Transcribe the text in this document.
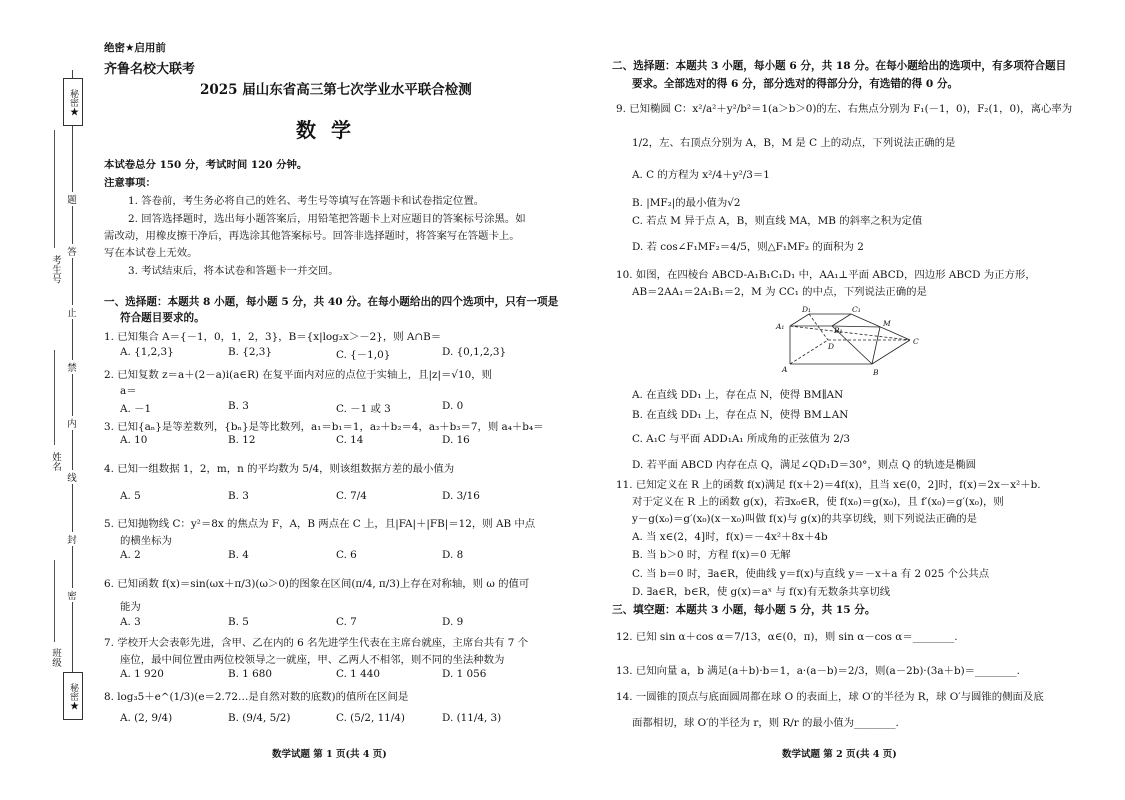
秘密★
秘密★
题
答
止
禁
内
线
封
密
考生号
姓名
班级
绝密★启用前
齐鲁名校大联考
2025 届山东省高三第七次学业水平联合检测
数 学
本试卷总分 150 分，考试时间 120 分钟。
注意事项：
1. 答卷前，考生务必将自己的姓名、考生号等填写在答题卡和试卷指定位置。
2. 回答选择题时，选出每小题答案后，用铅笔把答题卡上对应题目的答案标号涂黑。如
需改动，用橡皮擦干净后，再选涂其他答案标号。回答非选择题时，将答案写在答题卡上。
写在本试卷上无效。
3. 考试结束后，将本试卷和答题卡一并交回。
一、选择题：本题共 8 小题，每小题 5 分，共 40 分。在每小题给出的四个选项中，只有一项是
符合题目要求的。
1. 已知集合 A＝{－1，0，1，2，3}，B＝{x|log₂x＞－2}，则 A∩B＝
A. {1,2,3}	B. {2,3}	C. {－1,0}	D. {0,1,2,3}
2. 已知复数 z＝a＋(2－a)i(a∈R) 在复平面内对应的点位于实轴上，且|z|＝√10，则
a＝
A. －1	B. 3	C. －1 或 3	D. 0
3. 已知{aₙ}是等差数列，{bₙ}是等比数列，a₁＝b₁＝1，a₂＋b₂＝4，a₃＋b₃＝7，则 a₄＋b₄＝
A. 10	B. 12	C. 14	D. 16
4. 已知一组数据 1，2，m，n 的平均数为 5/4，则该组数据方差的最小值为
A. 5	B. 3	C. 7/4	D. 3/16
5. 已知抛物线 C：y²＝8x 的焦点为 F，A，B 两点在 C 上，且|FA|＋|FB|＝12，则 AB 中点
的横坐标为
A. 2	B. 4	C. 6	D. 8
6. 已知函数 f(x)＝sin(ωx＋π/3)(ω＞0)的图象在区间(π/4, π/3)上存在对称轴，则 ω 的值可
能为
A. 3	B. 5	C. 7	D. 9
7. 学校开大会表彰先进，含甲、乙在内的 6 名先进学生代表在主席台就座，主席台共有 7 个
座位，最中间位置由两位校领导之一就座，甲、乙两人不相邻，则不同的坐法种数为
A. 1 920	B. 1 680	C. 1 440	D. 1 056
8. log₃5＋e^(1/3)(e＝2.72…是自然对数的底数)的值所在区间是
A. (2, 9/4)	B. (9/4, 5/2)	C. (5/2, 11/4)	D. (11/4, 3)
数学试题 第 1 页(共 4 页)
二、选择题：本题共 3 小题，每小题 6 分，共 18 分。在每小题给出的选项中，有多项符合题目
要求。全部选对的得 6 分，部分选对的得部分分，有选错的得 0 分。
9. 已知椭圆 C：x²/a²＋y²/b²＝1(a＞b＞0)的左、右焦点分别为 F₁(－1，0)，F₂(1，0)，离心率为
1/2，左、右顶点分别为 A，B，M 是 C 上的动点，下列说法正确的是
A. C 的方程为 x²/4＋y²/3＝1
B. |MF₂|的最小值为√2
C. 若点 M 异于点 A，B，则直线 MA，MB 的斜率之积为定值
D. 若 cos∠F₁MF₂＝4/5，则△F₁MF₂ 的面积为 2
10. 如图，在四棱台 ABCD-A₁B₁C₁D₁ 中，AA₁⊥平面 ABCD，四边形 ABCD 为正方形，
AB＝2AA₁＝2A₁B₁＝2，M 为 CC₁ 的中点，下列说法正确的是
D₁	C₁
A₁	B₁
M
D
C
A	B
A. 在直线 DD₁ 上，存在点 N，使得 BM∥AN
B. 在直线 DD₁ 上，存在点 N，使得 BM⊥AN
C. A₁C 与平面 ADD₁A₁ 所成角的正弦值为 2/3
D. 若平面 ABCD 内存在点 Q，满足∠QD₁D＝30°，则点 Q 的轨迹是椭圆
11. 已知定义在 R 上的函数 f(x)满足 f(x＋2)＝4f(x)，且当 x∈(0，2]时，f(x)＝2x－x²＋b.
对于定义在 R 上的函数 g(x)，若∃x₀∈R，使 f(x₀)＝g(x₀)，且 f′(x₀)＝g′(x₀)，则
y－g(x₀)＝g′(x₀)(x－x₀)叫做 f(x)与 g(x)的共享切线，则下列说法正确的是
A. 当 x∈(2，4]时，f(x)＝－4x²＋8x＋4b
B. 当 b＞0 时，方程 f(x)＝0 无解
C. 当 b＝0 时，∃a∈R，使曲线 y＝f(x)与直线 y＝－x＋a 有 2 025 个公共点
D. ∃a∈R，b∈R，使 g(x)＝aˣ 与 f(x)有无数条共享切线
三、填空题：本题共 3 小题，每小题 5 分，共 15 分。
12. 已知 sin α＋cos α＝7/13，α∈(0，π)，则 sin α－cos α＝________.
13. 已知向量 a，b 满足(a＋b)·b＝1，a·(a－b)＝2/3，则(a－2b)·(3a＋b)＝________.
14. 一圆锥的顶点与底面圆周都在球 O 的表面上，球 O′的半径为 R，球 O′与圆锥的侧面及底
面都相切，球 O′的半径为 r，则 R/r 的最小值为________.
数学试题 第 2 页(共 4 页)
